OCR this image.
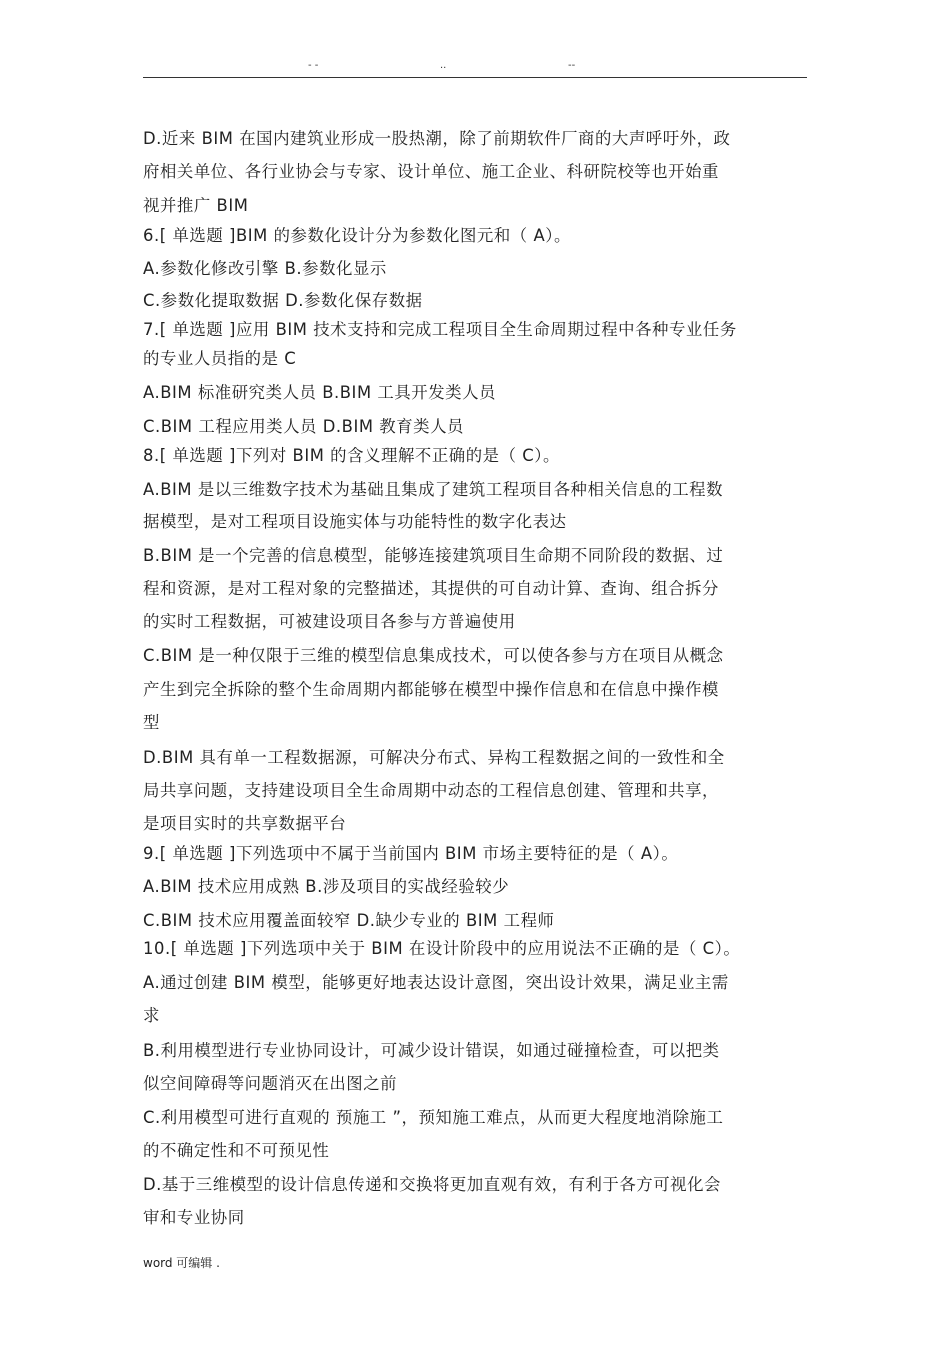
- -	..	--
D.近来 BIM 在国内建筑业形成一股热潮，除了前期软件厂商的大声呼吁外，政
府相关单位、各行业协会与专家、设计单位、施工企业、科研院校等也开始重
视并推广 BIM
6.[ 单选题 ]BIM 的参数化设计分为参数化图元和（ A）。
A.参数化修改引擎 B.参数化显示
C.参数化提取数据 D.参数化保存数据
7.[ 单选题 ]应用 BIM 技术支持和完成工程项目全生命周期过程中各种专业任务
的专业人员指的是 C
A.BIM 标准研究类人员 B.BIM 工具开发类人员
C.BIM 工程应用类人员 D.BIM 教育类人员
8.[ 单选题 ]下列对 BIM 的含义理解不正确的是（ C）。
A.BIM 是以三维数字技术为基础且集成了建筑工程项目各种相关信息的工程数
据模型，是对工程项目设施实体与功能特性的数字化表达
B.BIM 是一个完善的信息模型，能够连接建筑项目生命期不同阶段的数据、过
程和资源，是对工程对象的完整描述，其提供的可自动计算、查询、组合拆分
的实时工程数据，可被建设项目各参与方普遍使用
C.BIM 是一种仅限于三维的模型信息集成技术，可以使各参与方在项目从概念
产生到完全拆除的整个生命周期内都能够在模型中操作信息和在信息中操作模
型
D.BIM 具有单一工程数据源，可解决分布式、异构工程数据之间的一致性和全
局共享问题，支持建设项目全生命周期中动态的工程信息创建、管理和共享，
是项目实时的共享数据平台
9.[ 单选题 ]下列选项中不属于当前国内 BIM 市场主要特征的是（ A）。
A.BIM 技术应用成熟 B.涉及项目的实战经验较少
C.BIM 技术应用覆盖面较窄 D.缺少专业的 BIM 工程师
10.[ 单选题 ]下列选项中关于 BIM 在设计阶段中的应用说法不正确的是（ C）。
A.通过创建 BIM 模型，能够更好地表达设计意图，突出设计效果，满足业主需
求
B.利用模型进行专业协同设计，可减少设计错误，如通过碰撞检查，可以把类
似空间障碍等问题消灭在出图之前
C.利用模型可进行直观的 预施工 ”，预知施工难点，从而更大程度地消除施工
的不确定性和不可预见性
D.基于三维模型的设计信息传递和交换将更加直观有效，有利于各方可视化会
审和专业协同
word 可编辑 .
